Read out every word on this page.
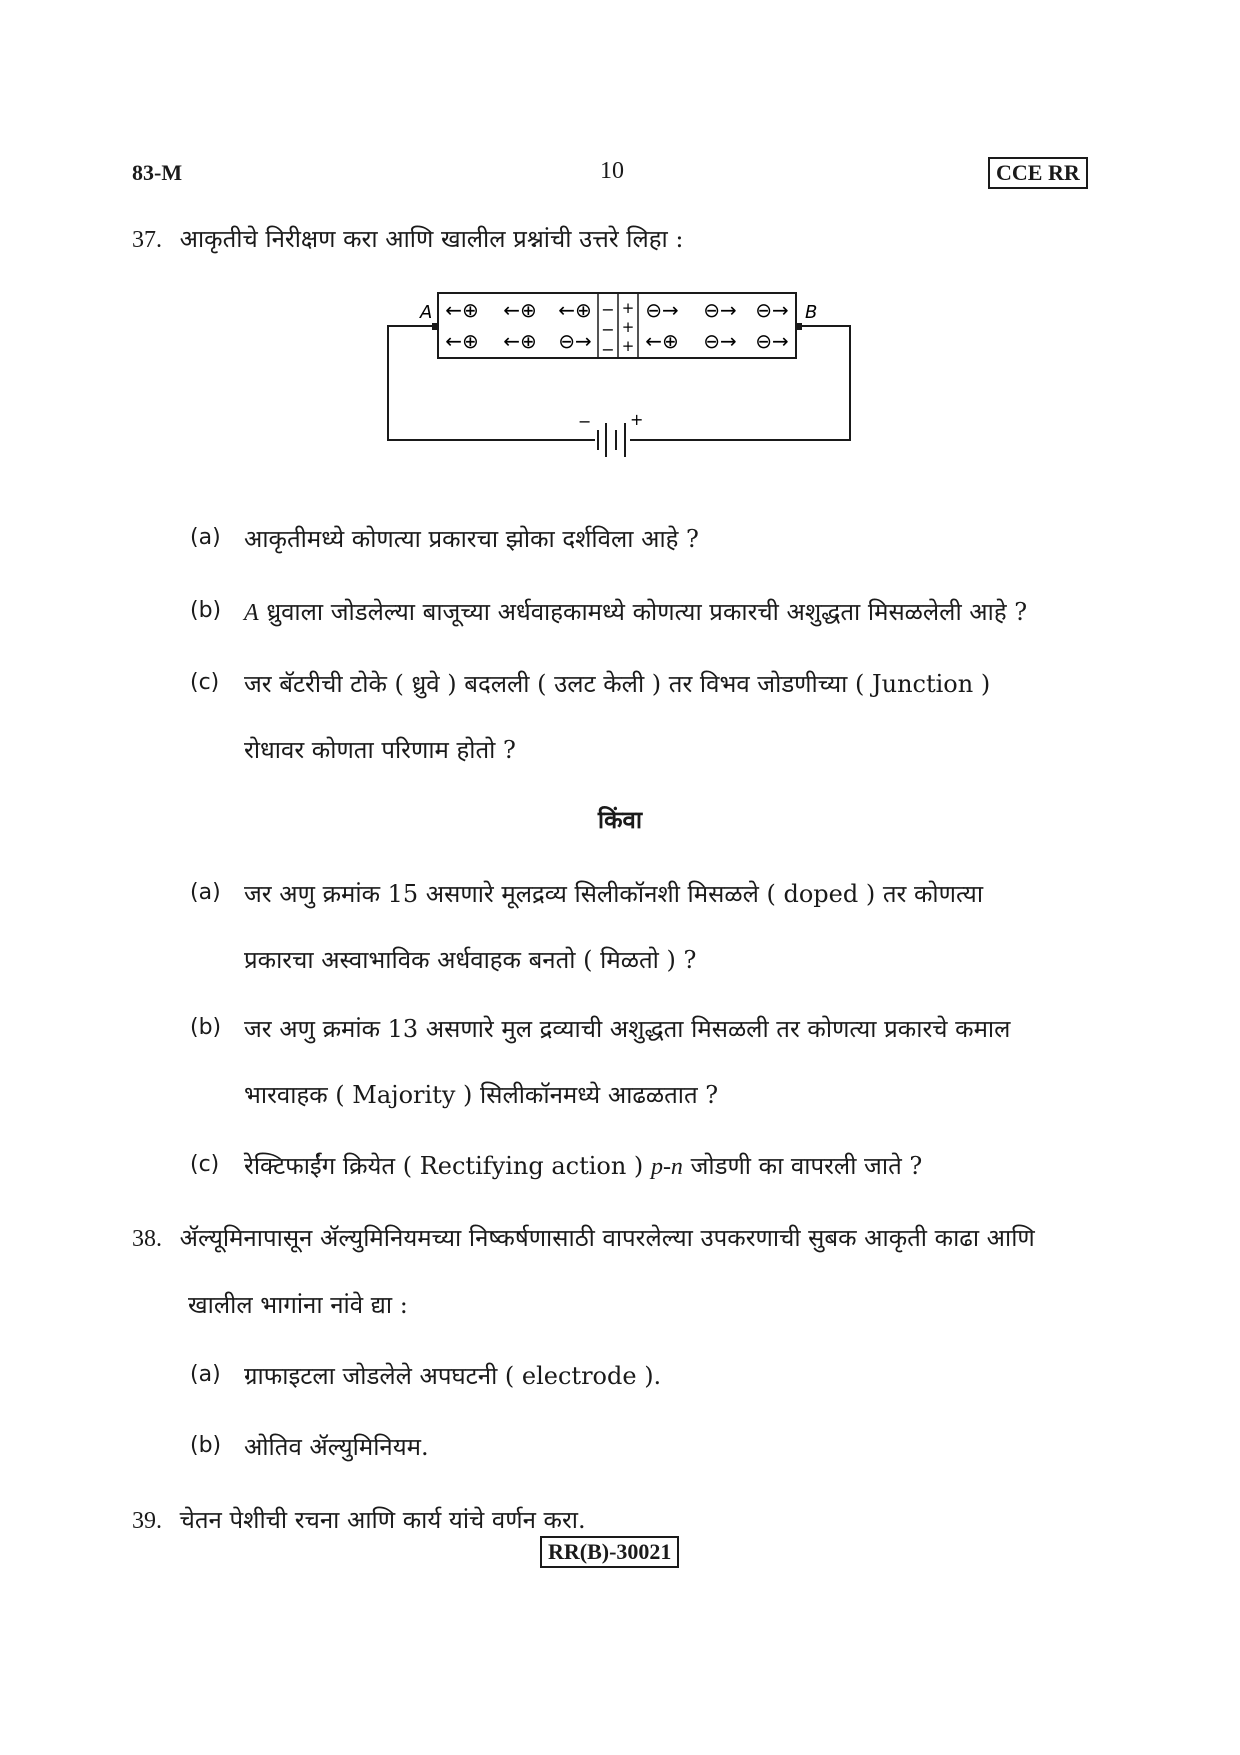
83-M	10	CCE RR
37. आकृतीचे निरीक्षण करा आणि खालील प्रश्नांची उत्तरे लिहा :
−
−
−
+
+
+
←⊕ ←⊕ ←⊕
←⊕ ←⊕ ⊖→
⊖→ ⊖→ ⊖→
←⊕ ⊖→ ⊖→
A	B
− +
(a) आकृतीमध्ये कोणत्या प्रकारचा झोका दर्शविला आहे ?
(b) A ध्रुवाला जोडलेल्या बाजूच्या अर्धवाहकामध्ये कोणत्या प्रकारची अशुद्धता मिसळलेली आहे ?
(c) जर बॅटरीची टोके ( ध्रुवे ) बदलली ( उलट केली ) तर विभव जोडणीच्या ( Junction )
रोधावर कोणता परिणाम होतो ?
किंवा
(a) जर अणु क्रमांक 15 असणारे मूलद्रव्य सिलीकॉनशी मिसळले ( doped ) तर कोणत्या
प्रकारचा अस्वाभाविक अर्धवाहक बनतो ( मिळतो ) ?
(b) जर अणु क्रमांक 13 असणारे मुल द्रव्याची अशुद्धता मिसळली तर कोणत्या प्रकारचे कमाल
भारवाहक ( Majority ) सिलीकॉनमध्ये आढळतात ?
(c) रेक्टिफाईंग क्रियेत ( Rectifying action ) p-n जोडणी का वापरली जाते ?
38. ॲल्यूमिनापासून ॲल्युमिनियमच्या निष्कर्षणासाठी वापरलेल्या उपकरणाची सुबक आकृती काढा आणि
खालील भागांना नांवे द्या :
(a) ग्राफाइटला जोडलेले अपघटनी ( electrode ).
(b) ओतिव ॲल्युमिनियम.
39. चेतन पेशीची रचना आणि कार्य यांचे वर्णन करा.
RR(B)-30021
